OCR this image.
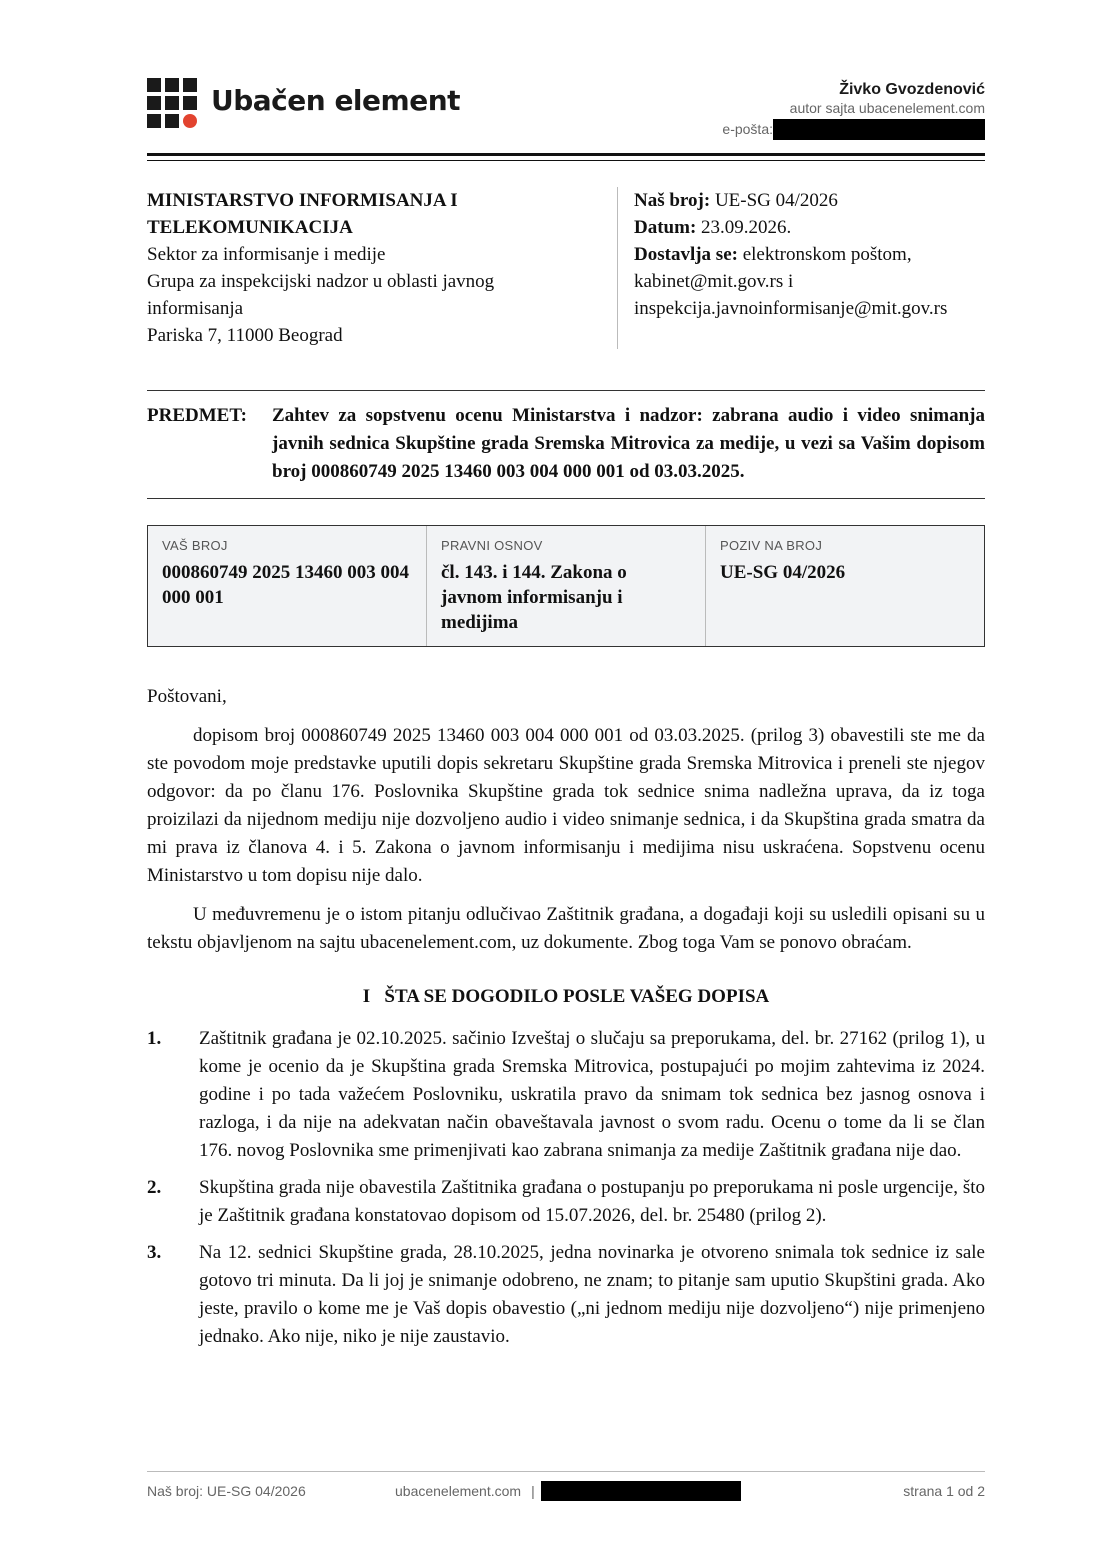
Ubačen element	Živko Gvozdenović
autor sajta ubacenelement.com
e-pošta:
MINISTARSTVO INFORMISANJA I
TELEKOMUNIKACIJA
Sektor za informisanje i medije
Grupa za inspekcijski nadzor u oblasti javnog informisanja
Pariska 7, 11000 Beograd
Naš broj: UE-SG 04/2026
Datum: 23.09.2026.
Dostavlja se: elektronskom poštom, kabinet@mit.gov.rs i inspekcija.javnoinformisanje@mit.gov.rs
PREDMET: Zahtev za sopstvenu ocenu Ministarstva i nadzor: zabrana audio i video snimanja javnih sednica Skupštine grada Sremska Mitrovica za medije, u vezi sa Vašim dopisom broj 000860749 2025 13460 003 004 000 001 od 03.03.2025.
VAŠ BROJ
000860749 2025 13460 003 004 000 001
PRAVNI OSNOV
čl. 143. i 144. Zakona o javnom informisanju i medijima
POZIV NA BROJ
UE-SG 04/2026

Poštovani,

dopisom broj 000860749 2025 13460 003 004 000 001 od 03.03.2025. (prilog 3) obavestili ste me da ste povodom moje predstavke uputili dopis sekretaru Skupštine grada Sremska Mitrovica i preneli ste njegov odgovor: da po članu 176. Poslovnika Skupštine grada tok sednice snima nadležna uprava, da iz toga proizilazi da nijednom mediju nije dozvoljeno audio i video snimanje sednica, i da Skupština grada smatra da mi prava iz članova 4. i 5. Zakona o javnom informisanju i medijima nisu uskraćena. Sopstvenu ocenu Ministarstvo u tom dopisu nije dalo.

U međuvremenu je o istom pitanju odlučivao Zaštitnik građana, a događaji koji su usledili opisani su u tekstu objavljenom na sajtu ubacenelement.com, uz dokumente. Zbog toga Vam se ponovo obraćam.

I   ŠTA SE DOGODILO POSLE VAŠEG DOPISA
1.	Zaštitnik građana je 02.10.2025. sačinio Izveštaj o slučaju sa preporukama, del. br. 27162 (prilog 1), u kome je ocenio da je Skupština grada Sremska Mitrovica, postupajući po mojim zahtevima iz 2024. godine i po tada važećem Poslovniku, uskratila pravo da snimam tok sednica bez jasnog osnova i razloga, i da nije na adekvatan način obaveštavala javnost o svom radu. Ocenu o tome da li se član 176. novog Poslovnika sme primenjivati kao zabrana snimanja za medije Zaštitnik građana nije dao.
2.	Skupština grada nije obavestila Zaštitnika građana o postupanju po preporukama ni posle urgencije, što je Zaštitnik građana konstatovao dopisom od 15.07.2026, del. br. 25480 (prilog 2).
3.	Na 12. sednici Skupštine grada, 28.10.2025, jedna novinarka je otvoreno snimala tok sednice iz sale gotovo tri minuta. Da li joj je snimanje odobreno, ne znam; to pitanje sam uputio Skupštini grada. Ako jeste, pravilo o kome me je Vaš dopis obavestio („ni jednom mediju nije dozvoljeno“) nije primenjeno jednako. Ako nije, niko je nije zaustavio.
Naš broj: UE-SG 04/2026	ubacenelement.com |	strana 1 od 2
